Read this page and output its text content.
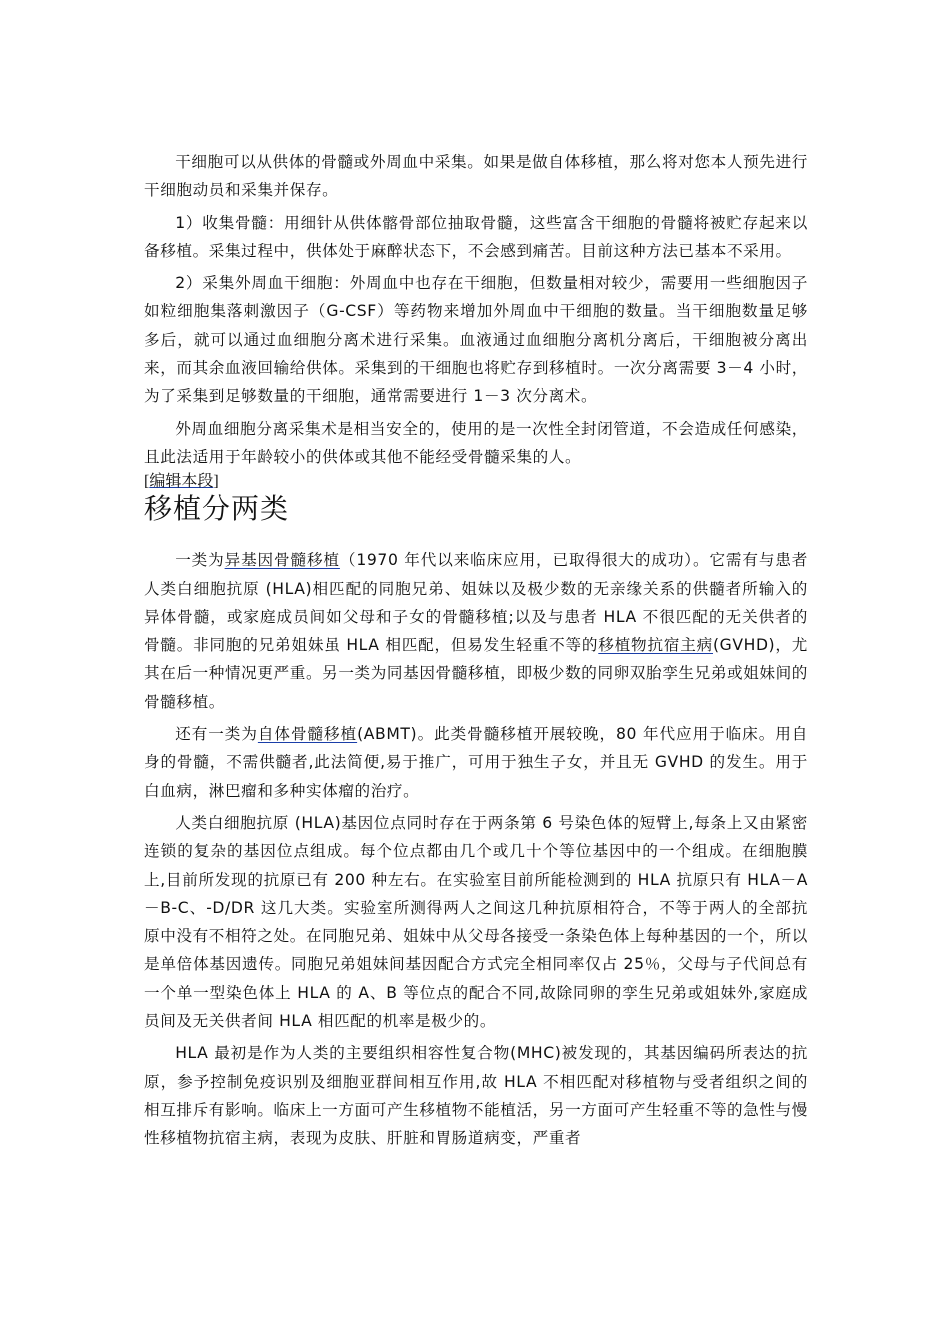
干细胞可以从供体的骨髓或外周血中采集。如果是做自体移植，那么将对您本人预先进行干细胞动员和采集并保存。

1）收集骨髓：用细针从供体髂骨部位抽取骨髓，这些富含干细胞的骨髓将被贮存起来以备移植。采集过程中，供体处于麻醉状态下，不会感到痛苦。目前这种方法已基本不采用。

2）采集外周血干细胞：外周血中也存在干细胞，但数量相对较少，需要用一些细胞因子如粒细胞集落刺激因子（G-CSF）等药物来增加外周血中干细胞的数量。当干细胞数量足够多后，就可以通过血细胞分离术进行采集。血液通过血细胞分离机分离后，干细胞被分离出来，而其余血液回输给供体。采集到的干细胞也将贮存到移植时。一次分离需要 3－4 小时，为了采集到足够数量的干细胞，通常需要进行 1－3 次分离术。

外周血细胞分离采集术是相当安全的，使用的是一次性全封闭管道，不会造成任何感染，且此法适用于年龄较小的供体或其他不能经受骨髓采集的人。

[编辑本段]
移植分两类

一类为异基因骨髓移植（1970 年代以来临床应用，已取得很大的成功）。它需有与患者人类白细胞抗原 (HLA)相匹配的同胞兄弟、姐妹以及极少数的无亲缘关系的供髓者所输入的异体骨髓，或家庭成员间如父母和子女的骨髓移植;以及与患者 HLA 不很匹配的无关供者的骨髓。非同胞的兄弟姐妹虽 HLA 相匹配，但易发生轻重不等的移植物抗宿主病(GVHD)，尤其在后一种情况更严重。另一类为同基因骨髓移植，即极少数的同卵双胎孪生兄弟或姐妹间的骨髓移植。

还有一类为自体骨髓移植(ABMT)。此类骨髓移植开展较晚，80 年代应用于临床。用自身的骨髓，不需供髓者,此法简便,易于推广，可用于独生子女，并且无 GVHD 的发生。用于白血病，淋巴瘤和多种实体瘤的治疗。

人类白细胞抗原 (HLA)基因位点同时存在于两条第 6 号染色体的短臂上,每条上又由紧密连锁的复杂的基因位点组成。每个位点都由几个或几十个等位基因中的一个组成。在细胞膜上,目前所发现的抗原已有 200 种左右。在实验室目前所能检测到的 HLA 抗原只有 HLA－A－B-C、-D/DR 这几大类。实验室所测得两人之间这几种抗原相符合，不等于两人的全部抗原中没有不相符之处。在同胞兄弟、姐妹中从父母各接受一条染色体上每种基因的一个，所以是单倍体基因遗传。同胞兄弟姐妹间基因配合方式完全相同率仅占 25％，父母与子代间总有一个单一型染色体上 HLA 的 A、B 等位点的配合不同,故除同卵的孪生兄弟或姐妹外,家庭成员间及无关供者间 HLA 相匹配的机率是极少的。

HLA 最初是作为人类的主要组织相容性复合物(MHC)被发现的，其基因编码所表达的抗原，参予控制免疫识别及细胞亚群间相互作用,故 HLA 不相匹配对移植物与受者组织之间的相互排斥有影响。临床上一方面可产生移植物不能植活，另一方面可产生轻重不等的急性与慢性移植物抗宿主病，表现为皮肤、肝脏和胃肠道病变，严重者
